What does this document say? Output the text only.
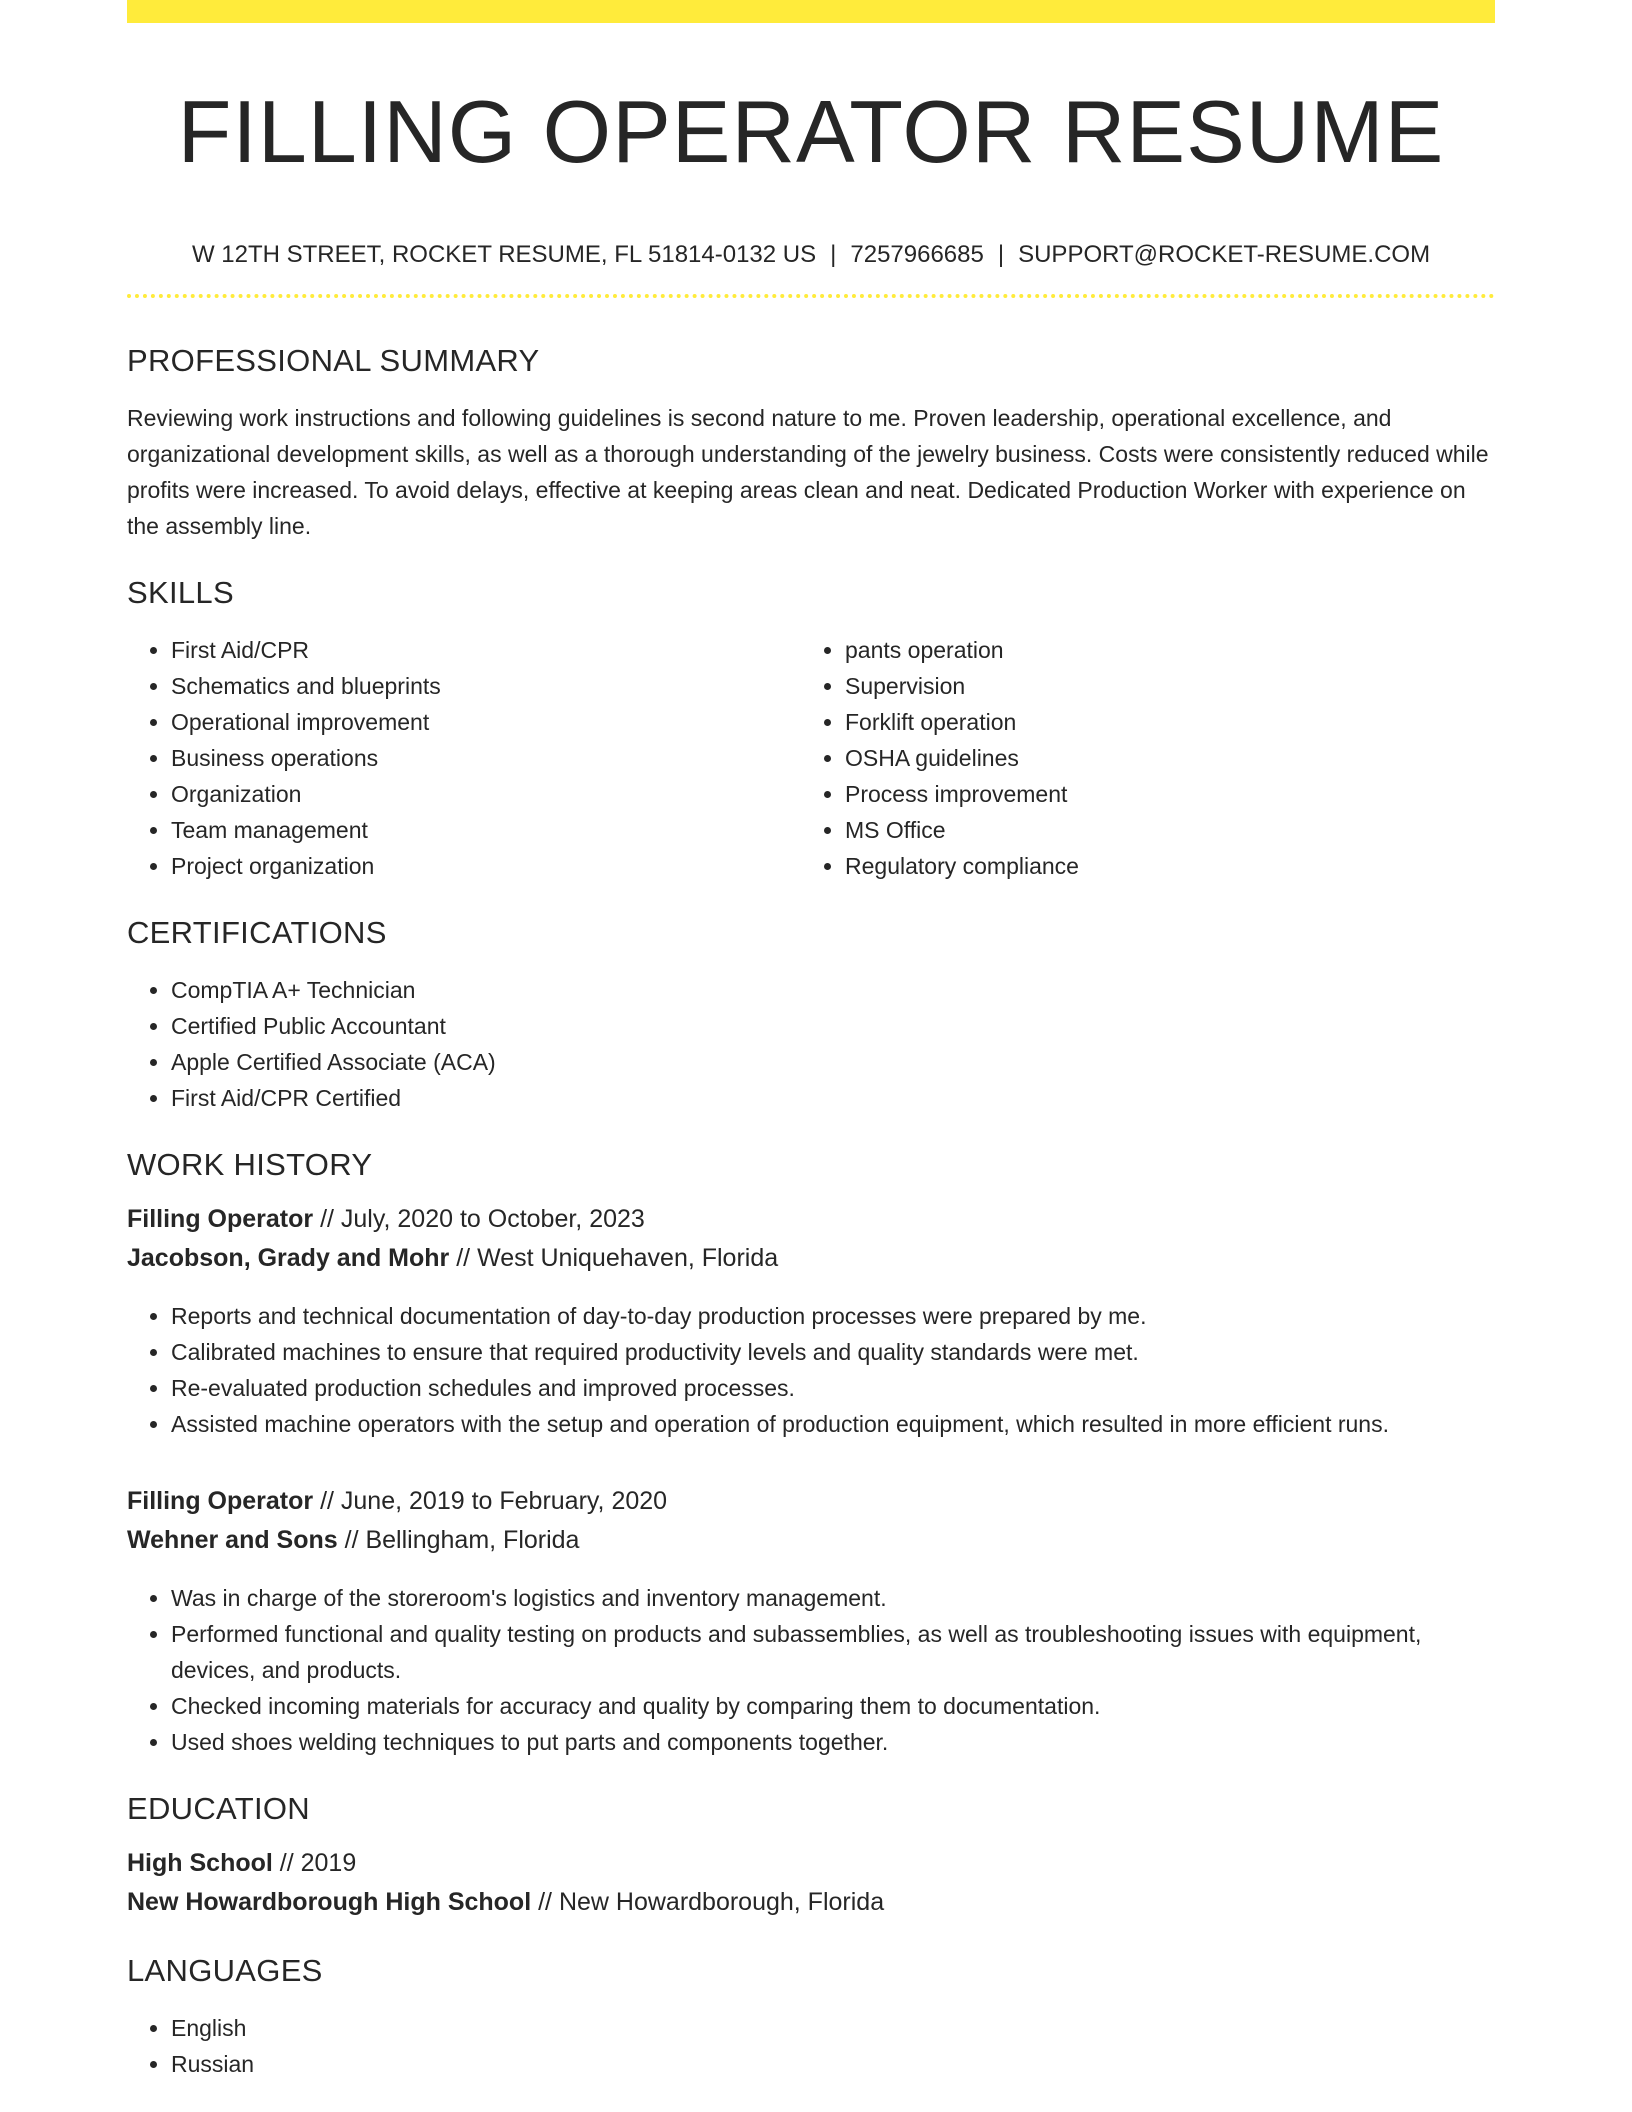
FILLING OPERATOR RESUME
W 12TH STREET, ROCKET RESUME, FL 51814-0132 US | 7257966685 | SUPPORT@ROCKET-RESUME.COM
PROFESSIONAL SUMMARY
Reviewing work instructions and following guidelines is second nature to me. Proven leadership, operational excellence, and organizational development skills, as well as a thorough understanding of the jewelry business. Costs were consistently reduced while profits were increased. To avoid delays, effective at keeping areas clean and neat. Dedicated Production Worker with experience on the assembly line.
SKILLS
• First Aid/CPR
• Schematics and blueprints
• Operational improvement
• Business operations
• Organization
• Team management
• Project organization
• pants operation
• Supervision
• Forklift operation
• OSHA guidelines
• Process improvement
• MS Office
• Regulatory compliance
CERTIFICATIONS
• CompTIA A+ Technician
• Certified Public Accountant
• Apple Certified Associate (ACA)
• First Aid/CPR Certified
WORK HISTORY
Filling Operator // July, 2020 to October, 2023
Jacobson, Grady and Mohr // West Uniquehaven, Florida
• Reports and technical documentation of day-to-day production processes were prepared by me.
• Calibrated machines to ensure that required productivity levels and quality standards were met.
• Re-evaluated production schedules and improved processes.
• Assisted machine operators with the setup and operation of production equipment, which resulted in more efficient runs.
Filling Operator // June, 2019 to February, 2020
Wehner and Sons // Bellingham, Florida
• Was in charge of the storeroom's logistics and inventory management.
• Performed functional and quality testing on products and subassemblies, as well as troubleshooting issues with equipment, devices, and products.
• Checked incoming materials for accuracy and quality by comparing them to documentation.
• Used shoes welding techniques to put parts and components together.
EDUCATION
High School // 2019
New Howardborough High School // New Howardborough, Florida
LANGUAGES
• English
• Russian
